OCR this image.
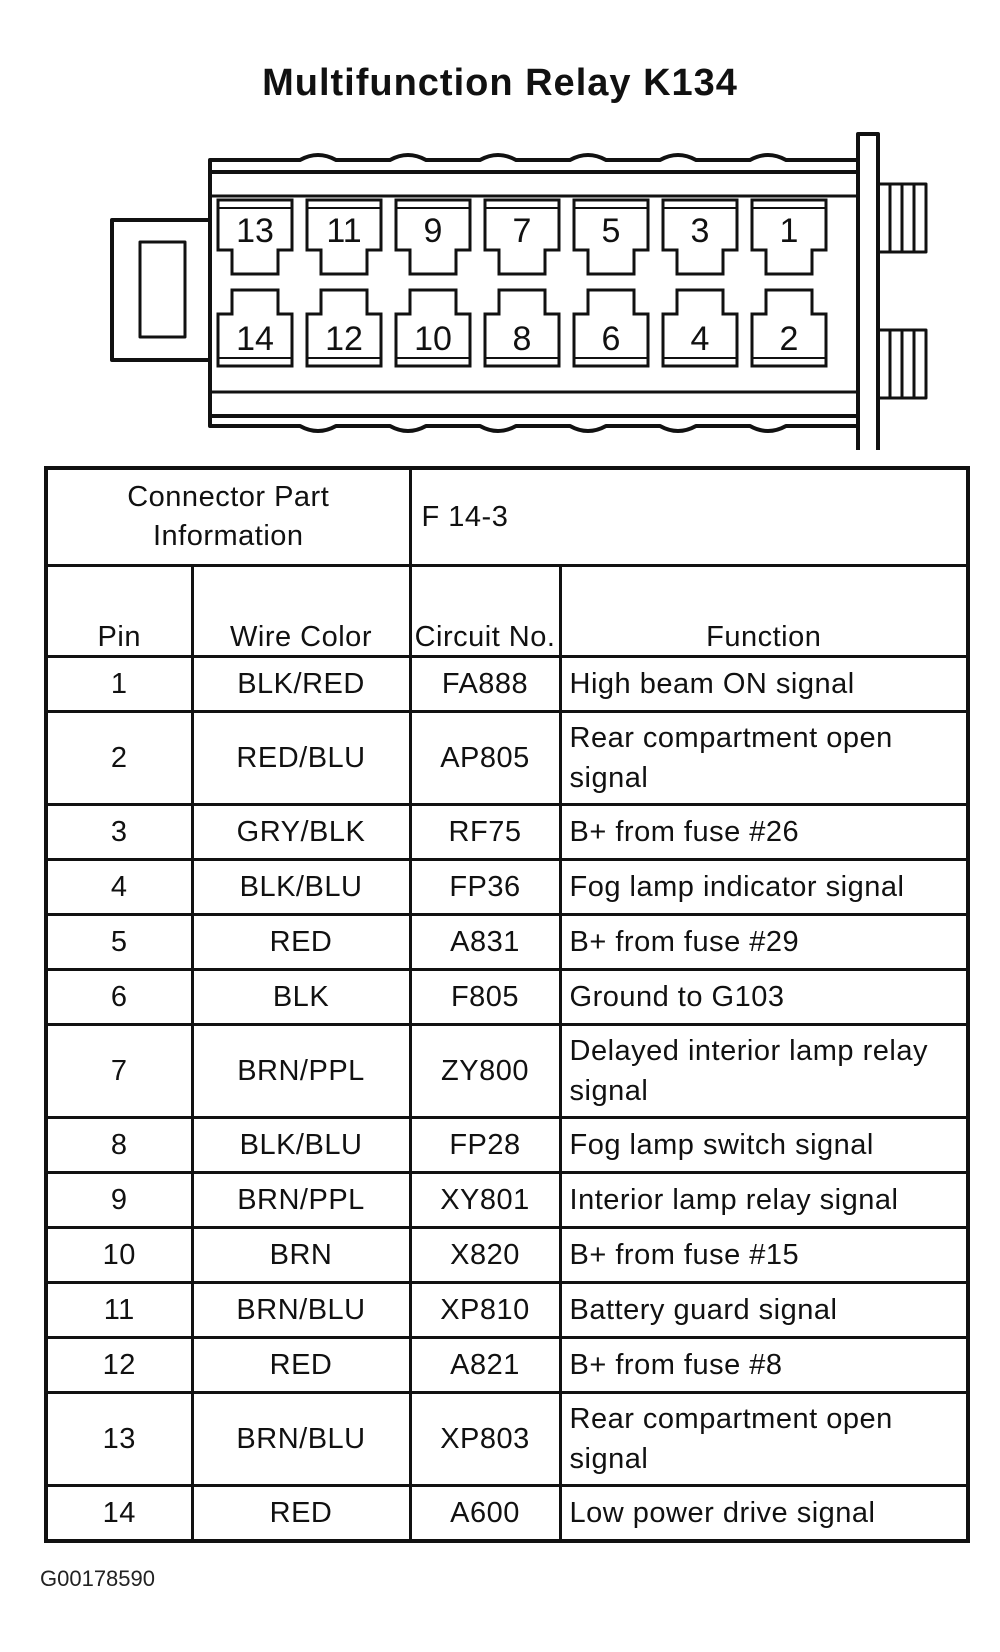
Multifunction Relay K134
13 11 9 7 5 3 1
14 12 10 8 6 4 2
Connector Part Information		F 14-3	
Pin	Wire Color	Circuit No.	Function
1	BLK/RED	FA888	High beam ON signal
2	RED/BLU	AP805	Rear compartment open signal
3	GRY/BLK	RF75	B+ from fuse #26
4	BLK/BLU	FP36	Fog lamp indicator signal
5	RED	A831	B+ from fuse #29
6	BLK	F805	Ground to G103
7	BRN/PPL	ZY800	Delayed interior lamp relay signal
8	BLK/BLU	FP28	Fog lamp switch signal
9	BRN/PPL	XY801	Interior lamp relay signal
10	BRN	X820	B+ from fuse #15
11	BRN/BLU	XP810	Battery guard signal
12	RED	A821	B+ from fuse #8
13	BRN/BLU	XP803	Rear compartment open signal
14	RED	A600	Low power drive signal
G00178590
